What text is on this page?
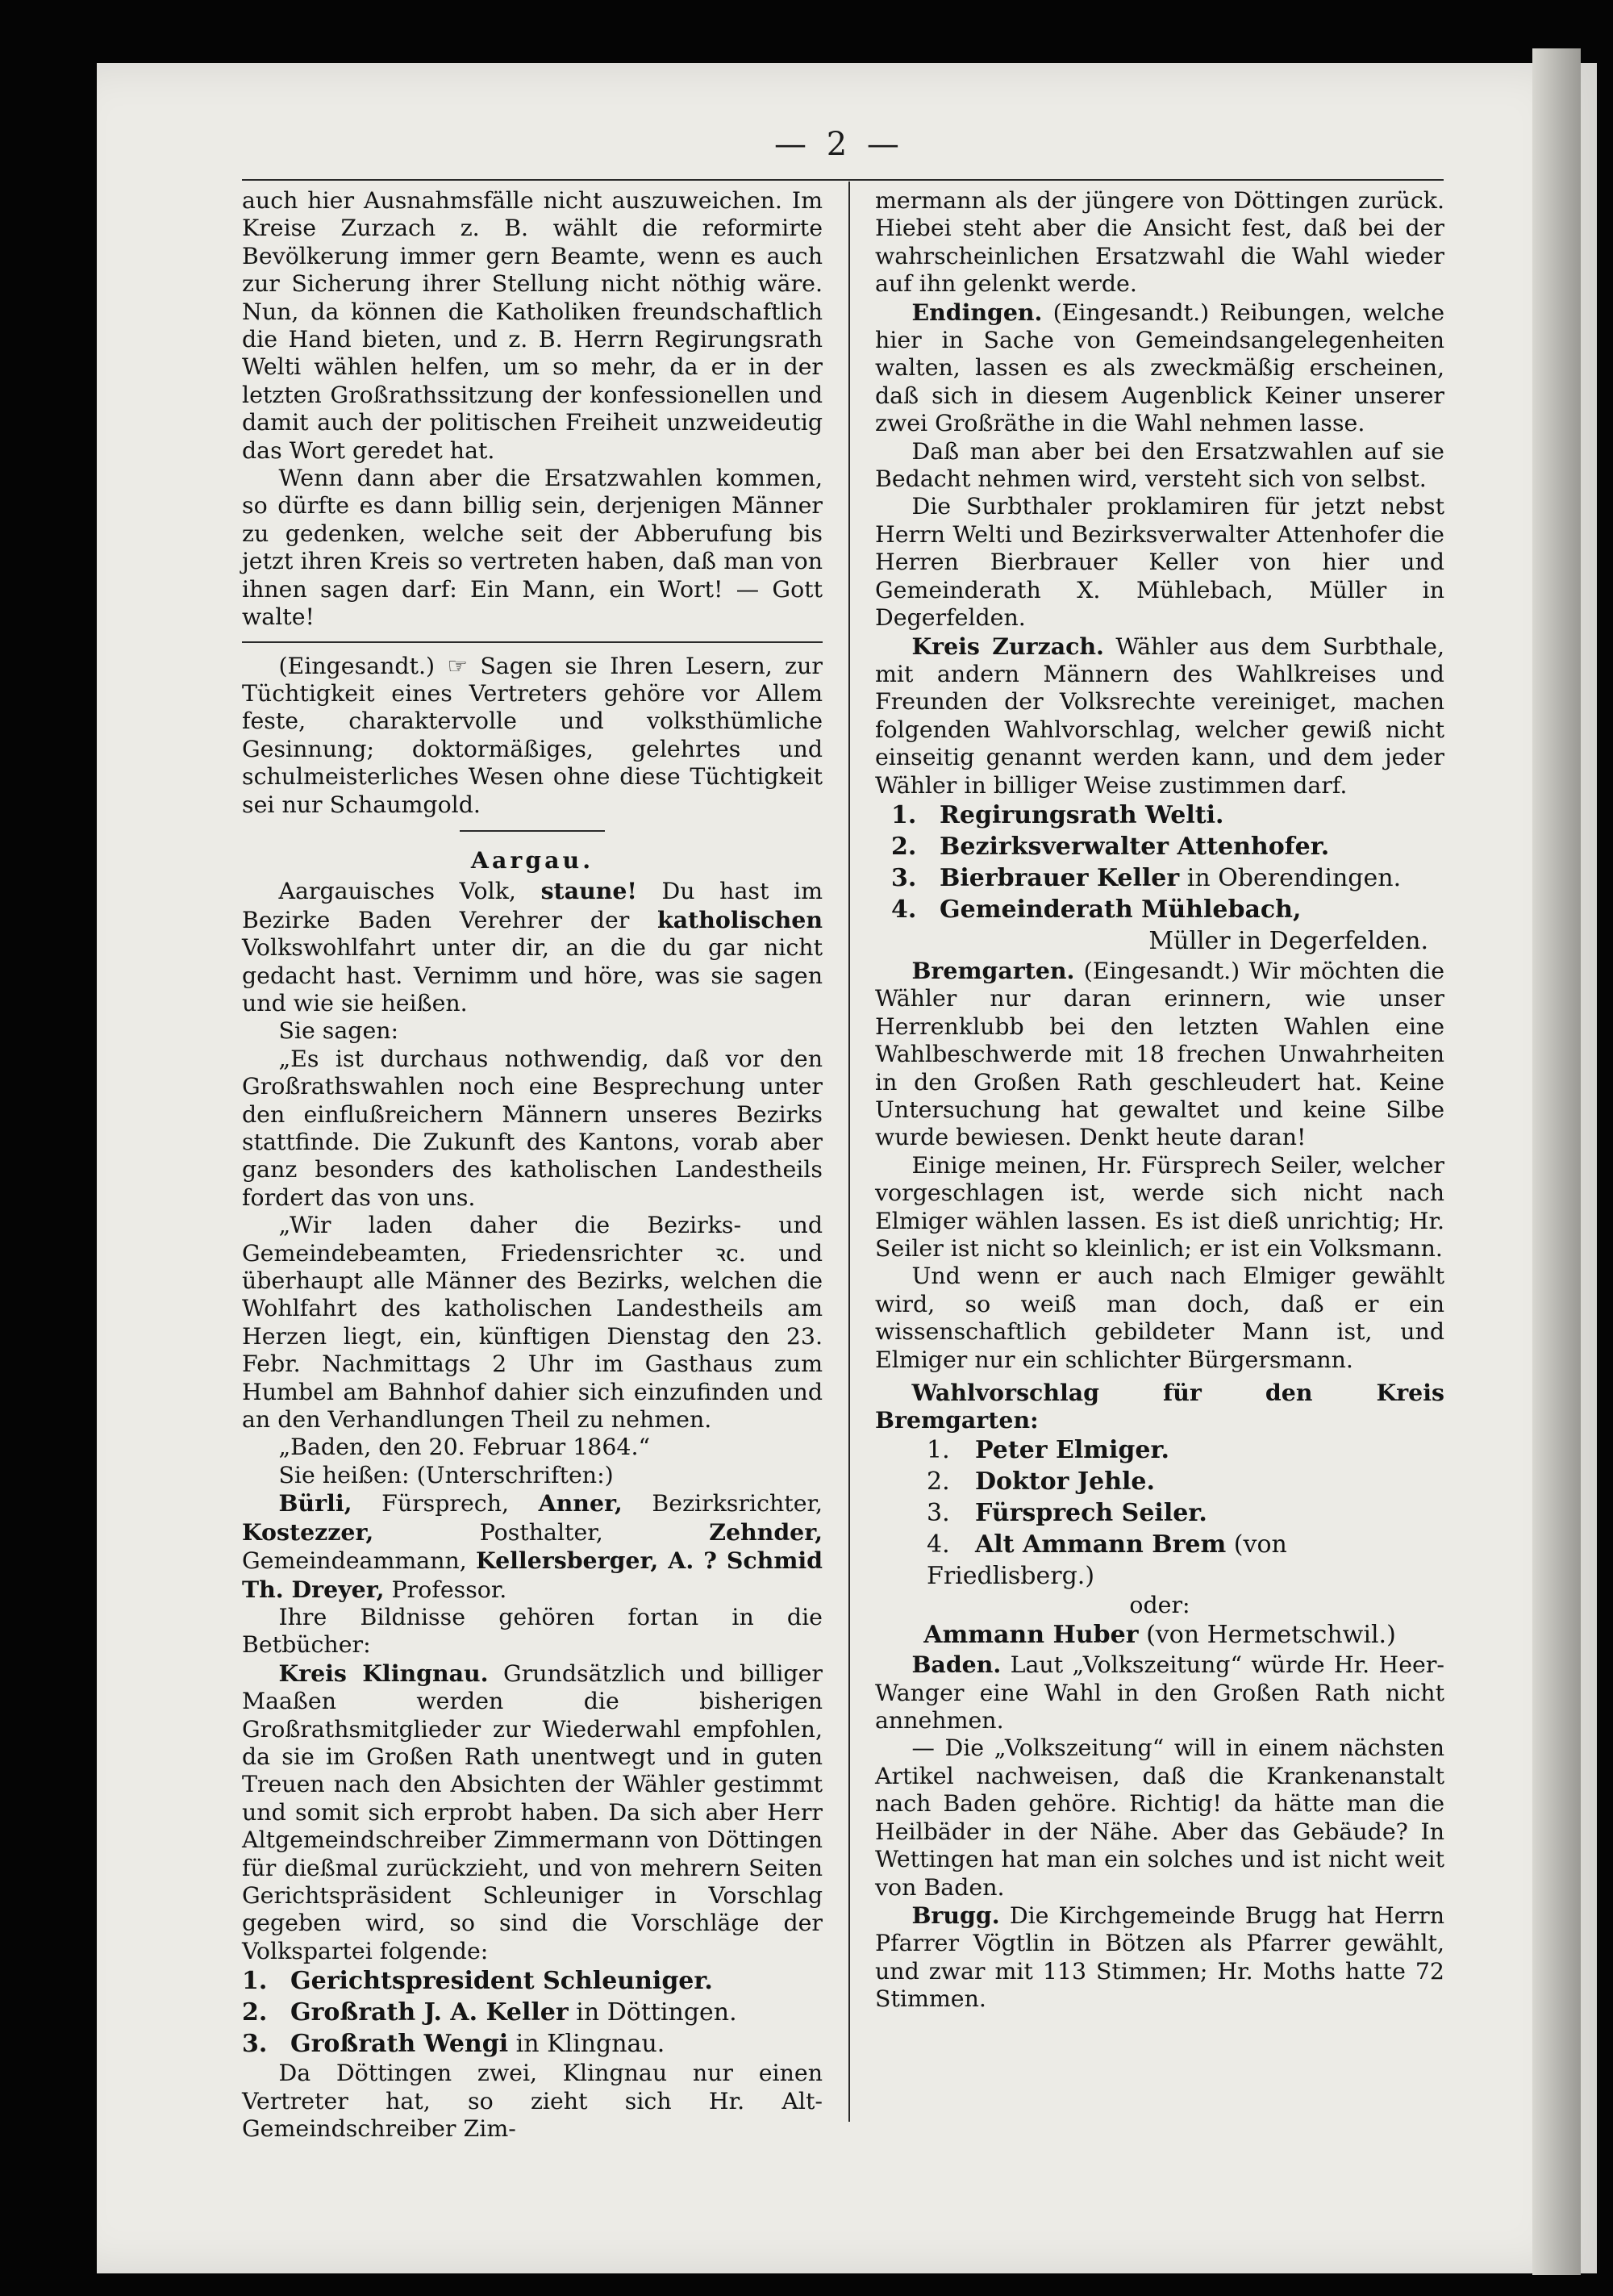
— 2 —

auch hier Ausnahmsfälle nicht auszuweichen. Im Kreise Zurzach z. B. wählt die reformirte Bevölkerung immer gern Beamte, wenn es auch zur Sicherung ihrer Stellung nicht nöthig wäre. Nun, da können die Katholiken freundschaftlich die Hand bieten, und z. B. Herrn Regirungsrath Welti wählen helfen, um so mehr, da er in der letzten Großrathssitzung der konfessionellen und damit auch der politischen Freiheit unzweideutig das Wort geredet hat.

Wenn dann aber die Ersatzwahlen kommen, so dürfte es dann billig sein, derjenigen Männer zu gedenken, welche seit der Abberufung bis jetzt ihren Kreis so vertreten haben, daß man von ihnen sagen darf: Ein Mann, ein Wort! — Gott walte!

(Eingesandt.) ☞ Sagen sie Ihren Lesern, zur Tüchtigkeit eines Vertreters gehöre vor Allem feste, charaktervolle und volksthümliche Gesinnung; doktormäßiges, gelehrtes und schulmeisterliches Wesen ohne diese Tüchtigkeit sei nur Schaumgold.

Aargau.

Aargauisches Volk, staune! Du hast im Bezirke Baden Verehrer der katholischen Volkswohlfahrt unter dir, an die du gar nicht gedacht hast. Vernimm und höre, was sie sagen und wie sie heißen.

Sie sagen:

„Es ist durchaus nothwendig, daß vor den Großrathswahlen noch eine Besprechung unter den einflußreichern Männern unseres Bezirks stattfinde. Die Zukunft des Kantons, vorab aber ganz besonders des katholischen Landestheils fordert das von uns.

„Wir laden daher die Bezirks- und Gemeindebeamten, Friedensrichter ꝛc. und überhaupt alle Männer des Bezirks, welchen die Wohlfahrt des katholischen Landestheils am Herzen liegt, ein, künftigen Dienstag den 23. Febr. Nachmittags 2 Uhr im Gasthaus zum Humbel am Bahnhof dahier sich einzufinden und an den Verhandlungen Theil zu nehmen.

„Baden, den 20. Februar 1864.“

Sie heißen: (Unterschriften:)

Bürli, Fürsprech, Anner, Bezirksrichter, Kostezzer,	Posthalter,	Zehnder, Gemeindeammann, Kellersberger, A. ? Schmid Th. Dreyer, Professor.

Ihre Bildnisse gehören fortan in die Betbücher:

Kreis Klingnau. Grundsätzlich und billiger Maaßen werden die bisherigen Großrathsmitglieder zur Wiederwahl empfohlen, da sie im Großen Rath unentwegt und in guten Treuen nach den Absichten der Wähler gestimmt und somit sich erprobt haben. Da sich aber Herr Altgemeindschreiber Zimmermann von Döttingen für dießmal zurückzieht, und von mehrern Seiten Gerichtspräsident Schleuniger in Vorschlag gegeben wird, so sind die Vorschläge der Volkspartei folgende:

1. Gerichtspresident Schleuniger.
2. Großrath J. A. Keller in Döttingen.
3. Großrath Wengi in Klingnau.

Da Döttingen zwei, Klingnau nur einen Vertreter hat, so zieht sich Hr. Alt-Gemeindschreiber Zim-

mermann als der jüngere von Döttingen zurück. Hiebei steht aber die Ansicht fest, daß bei der wahrscheinlichen Ersatzwahl die Wahl wieder auf ihn gelenkt werde.

Endingen. (Eingesandt.) Reibungen, welche hier in Sache von Gemeindsangelegenheiten walten, lassen es als zweckmäßig erscheinen, daß sich in diesem Augenblick Keiner unserer zwei Großräthe in die Wahl nehmen lasse.

Daß man aber bei den Ersatzwahlen auf sie Bedacht nehmen wird, versteht sich von selbst.

Die Surbthaler proklamiren für jetzt nebst Herrn Welti und Bezirksverwalter Attenhofer die Herren Bierbrauer Keller von hier und Gemeinderath X. Mühlebach, Müller in Degerfelden.

Kreis Zurzach. Wähler aus dem Surbthale, mit andern Männern des Wahlkreises und Freunden der Volksrechte vereiniget, machen folgenden Wahlvorschlag, welcher gewiß nicht einseitig genannt werden kann, und dem jeder Wähler in billiger Weise zustimmen darf.

1. Regirungsrath Welti.
2. Bezirksverwalter Attenhofer.
3. Bierbrauer Keller in Oberendingen.
4. Gemeinderath Mühlebach,
Müller in Degerfelden.

Bremgarten. (Eingesandt.) Wir möchten die Wähler nur daran erinnern, wie unser Herrenklubb bei den letzten Wahlen eine Wahlbeschwerde mit 18 frechen Unwahrheiten in den Großen Rath geschleudert hat. Keine Untersuchung hat gewaltet und keine Silbe wurde bewiesen. Denkt heute daran!

Einige meinen, Hr. Fürsprech Seiler, welcher vorgeschlagen ist, werde sich nicht nach Elmiger wählen lassen. Es ist dieß unrichtig; Hr. Seiler ist nicht so kleinlich; er ist ein Volksmann.

Und wenn er auch nach Elmiger gewählt wird, so weiß man doch, daß er ein wissenschaftlich gebildeter Mann ist, und Elmiger nur ein schlichter Bürgersmann.

Wahlvorschlag für den Kreis Bremgarten:

1. Peter Elmiger.
2. Doktor Jehle.
3. Fürsprech Seiler.
4. Alt Ammann Brem (von Friedlisberg.)
oder:
Ammann Huber (von Hermetschwil.)

Baden. Laut „Volkszeitung“ würde Hr. Heer-Wanger eine Wahl in den Großen Rath nicht annehmen.

— Die „Volkszeitung“ will in einem nächsten Artikel nachweisen, daß die Krankenanstalt nach Baden gehöre. Richtig! da hätte man die Heilbäder in der Nähe. Aber das Gebäude? In Wettingen hat man ein solches und ist nicht weit von Baden.

Brugg. Die Kirchgemeinde Brugg hat Herrn Pfarrer Vögtlin in Bötzen als Pfarrer gewählt, und zwar mit 113 Stimmen; Hr. Moths hatte 72 Stimmen.
